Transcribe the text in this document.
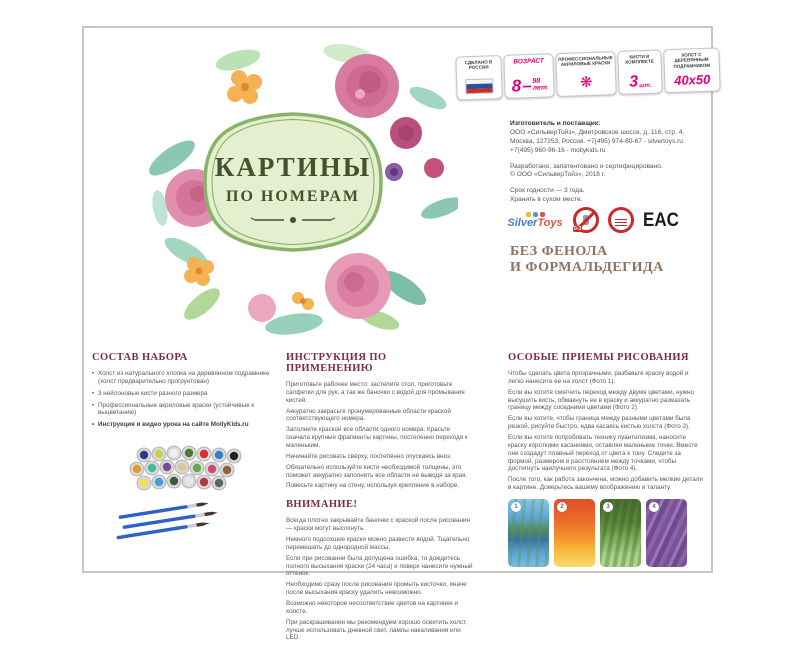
СДЕЛАНО В РОССИИ
ВОЗРАСТ
8 – 98
лет
ПРОФЕССИОНАЛЬНЫЕ АКРИЛОВЫЕ КРАСКИ
❋
КИСТИ В КОМПЛЕКТЕ
3 шт.
ХОЛСТ С ДЕРЕВЯННЫМ ПОДРАМНИКОМ
40x50
КАРТИНЫ
ПО НОМЕРАМ
Изготовитель и поставщик:
ООО «СильверТойз», Дмитровское шоссе, д. 116, стр. 4,
Москва, 127253, Россия. +7(495) 974-60-67 - silvertoys.ru
+7(495) 960-96-16 - mollykids.ru
Разработано, запатентовано и сертифицировано.
© ООО «СильверТойз», 2018 г.
Срок годности — 3 года.
Хранить в сухом месте.
SilverToys
0-3	EAC
БЕЗ ФЕНОЛА
И ФОРМАЛЬДЕГИДА
СОСТАВ НАБОРА
• Холст из натурального хлопка на деревянном подрамнике (холст предварительно прогрунтован)
• 3 нейлоновые кисти разного размера
• Профессиональные акриловые краски (устойчивые к выцветанию)
• Инструкция и видео урока на сайте MollyKids.ru
ИНСТРУКЦИЯ ПО ПРИМЕНЕНИЮ

Приготовьте рабочее место: застелите стол, приготовьте салфетки для рук, а так же баночки с водой для промывания кистей.

Аккуратно закрасьте пронумерованные области краской соответствующего номера.

Заполните краской все области одного номера. Красьте сначала крупные фрагменты картины, постепенно переходя к маленьким.

Начинайте рисовать сверху, постепенно опускаясь вниз.

Обязательно используйте кисти необходимой толщины, это поможет аккуратно заполнить все области не выводя за края.

Повесьте картину на стену, используя крепление в наборе.

ВНИМАНИЕ!

Всегда плотно закрывайте баночки с краской после рисования — краски могут высохнуть.

Немного подсохшие краски можно развести водой. Тщательно перемешать до однородной массы.

Если при рисовании была допущена ошибка, то дождитесь полного высыхания краски (24 часа) и поверх нанесите нужный оттенок.

Необходимо сразу после рисования промыть кисточки, иначе после высыхания краску удалить невозможно.

Возможно некоторое несоответствие цветов на картинке и холсте.

При раскрашивании мы рекомендуем хорошо осветить холст, лучше использовать дневной свет, лампы накаливания или LED.

ОСОБЫЕ ПРИЕМЫ РИСОВАНИЯ

Чтобы сделать цвета прозрачными, разбавьте краску водой и легко нанесите ее на холст (Фото 1).

Если вы хотите смягчить переход между двумя цветами, нужно высушить кисть, обмакнуть ее в краску и аккуратно размазать границу между соседними цветами (Фото 2).

Если вы хотите, чтобы граница между разными цветами была резкой, рисуйте быстро, едва касаясь кистью холста (Фото 3).

Если вы хотите попробовать технику пуантилизма, наносите краску короткими касаниями, оставляя маленькие точки. Вместе они создадут плавный переход от цвета к тону. Следите за формой, размером и расстоянием между точками, чтобы достигнуть наилучшего результата (Фото 4).

После того, как работа закончена, можно добавить мелкие детали в картине. Доверьтесь вашему воображению и таланту.

1	2	3	4
